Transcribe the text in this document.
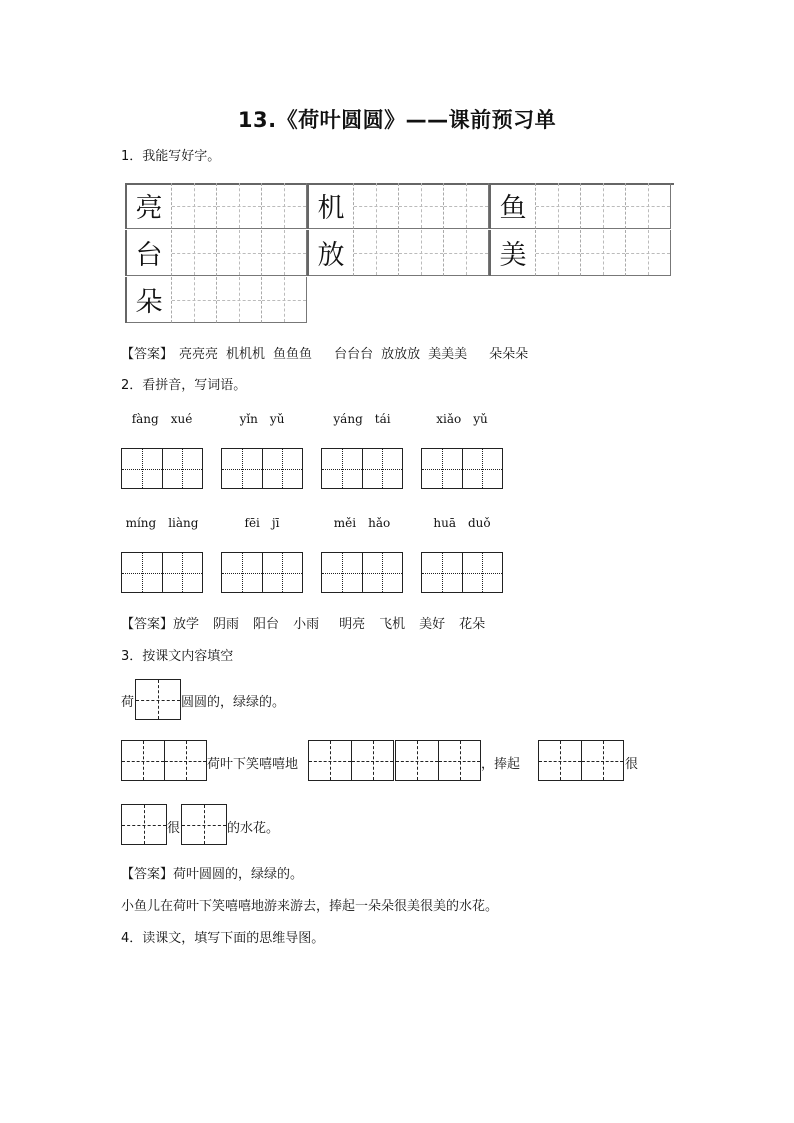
13.《荷叶圆圆》——课前预习单
1．我能写好字。
亮	机	鱼
台	放	美
朵
【答案】 亮亮亮 机机机 鱼鱼鱼 台台台 放放放 美美美 朵朵朵
2．看拼音，写词语。
fàng　xué	yǐn　yǔ	yáng　tái	xiǎo　yǔ
míng　liàng	fēi　jī	měi　hǎo	huā　duǒ
【答案】放学 阴雨 阳台 小雨 明亮 飞机 美好 花朵
3．按课文内容填空
荷	圆圆的，绿绿的。
荷叶下笑嘻嘻地	，捧起	很
很	的水花。
【答案】荷叶圆圆的，绿绿的。
小鱼儿在荷叶下笑嘻嘻地游来游去，捧起一朵朵很美很美的水花。
4．读课文，填写下面的思维导图。
